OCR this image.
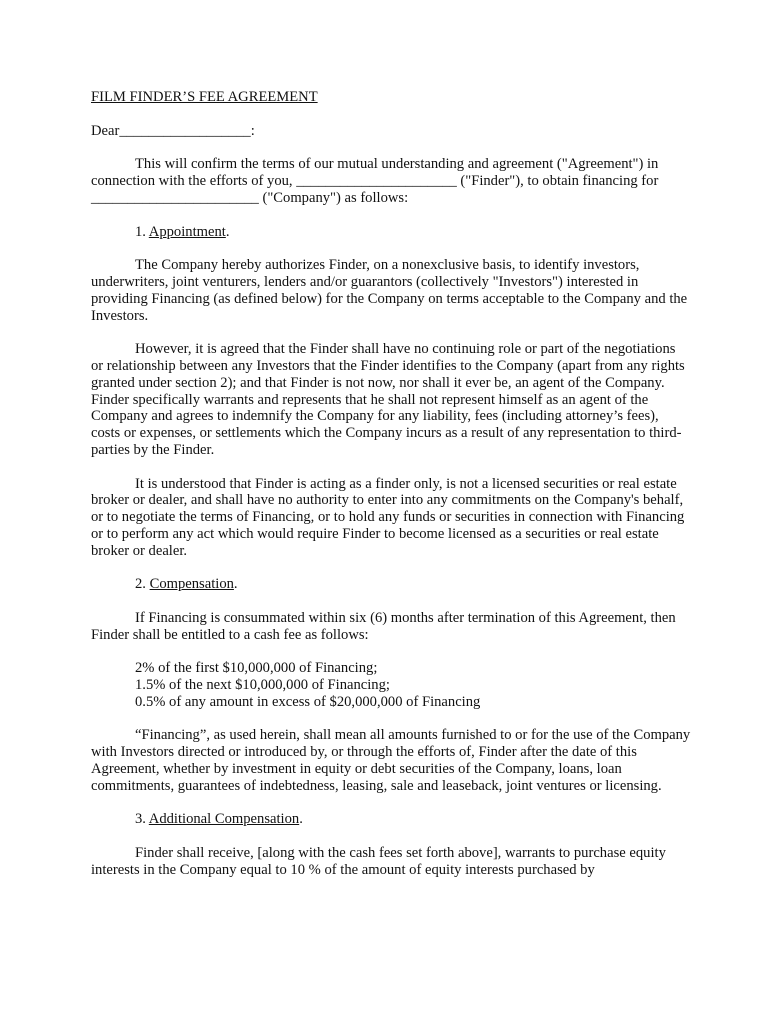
FILM FINDER’S FEE AGREEMENT

Dear__________________:

This will confirm the terms of our mutual understanding and agreement ("Agreement") in connection with the efforts of you, ______________________ ("Finder"), to obtain financing for _______________________ ("Company") as follows:

1. Appointment.

The Company hereby authorizes Finder, on a nonexclusive basis, to identify investors, underwriters, joint venturers, lenders and/or guarantors (collectively "Investors") interested in providing Financing (as defined below) for the Company on terms acceptable to the Company and the Investors.

However, it is agreed that the Finder shall have no continuing role or part of the negotiations or relationship between any Investors that the Finder identifies to the Company (apart from any rights granted under section 2); and that Finder is not now, nor shall it ever be, an agent of the Company. Finder specifically warrants and represents that he shall not represent himself as an agent of the Company and agrees to indemnify the Company for any liability, fees (including attorney’s fees), costs or expenses, or settlements which the Company incurs as a result of any representation to third-parties by the Finder.

It is understood that Finder is acting as a finder only, is not a licensed securities or real estate broker or dealer, and shall have no authority to enter into any commitments on the Company's behalf, or to negotiate the terms of Financing, or to hold any funds or securities in connection with Financing or to perform any act which would require Finder to become licensed as a securities or real estate broker or dealer.

2. Compensation.

If Financing is consummated within six (6) months after termination of this Agreement, then Finder shall be entitled to a cash fee as follows:

2% of the first $10,000,000 of Financing;
1.5% of the next $10,000,000 of Financing;
0.5% of any amount in excess of $20,000,000 of Financing

“Financing”, as used herein, shall mean all amounts furnished to or for the use of the Company with Investors directed or introduced by, or through the efforts of, Finder after the date of this Agreement, whether by investment in equity or debt securities of the Company, loans, loan commitments, guarantees of indebtedness, leasing, sale and leaseback, joint ventures or licensing.

3. Additional Compensation.

Finder shall receive, [along with the cash fees set forth above], warrants to purchase equity interests in the Company equal to 10 % of the amount of equity interests purchased by
